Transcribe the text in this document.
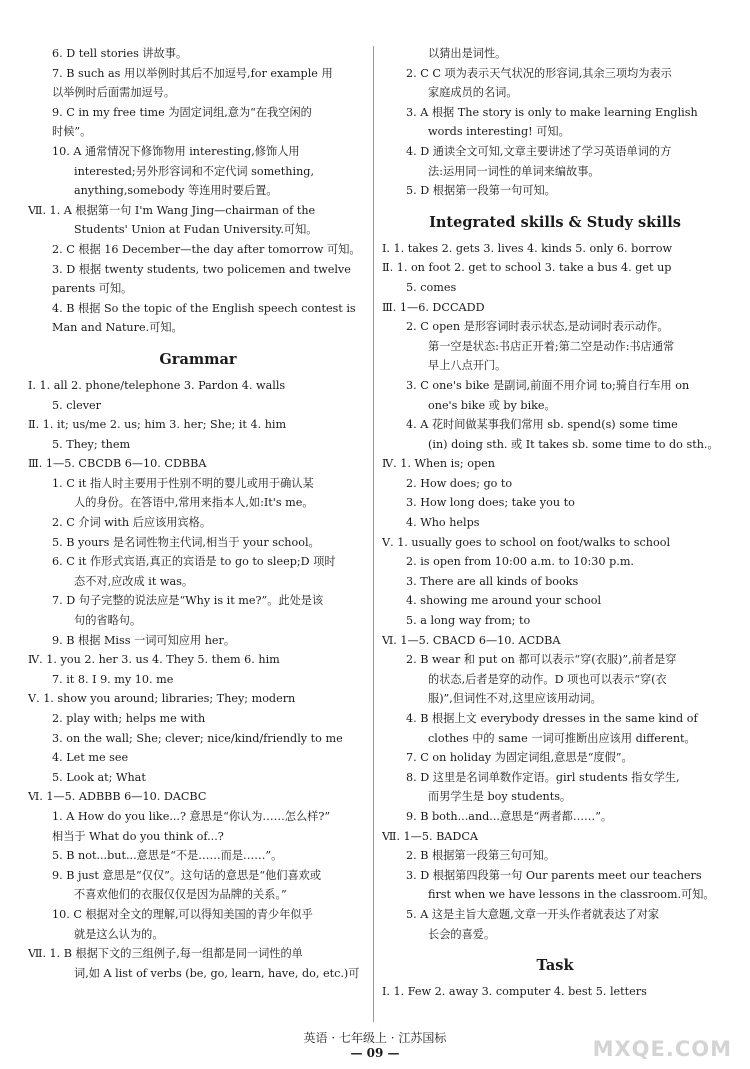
6. D tell stories 讲故事。
7. B such as 用以举例时其后不加逗号,for example 用
以举例时后面需加逗号。
9. C in my free time 为固定词组,意为“在我空闲的
时候”。
10. A 通常情况下修饰物用 interesting,修饰人用
interested;另外形容词和不定代词 something,
anything,somebody 等连用时要后置。
Ⅶ. 1. A 根据第一句 I'm Wang Jing—chairman of the
Students' Union at Fudan University.可知。
2. C 根据 16 December—the day after tomorrow 可知。
3. D 根据 twenty students, two policemen and twelve
parents 可知。
4. B 根据 So the topic of the English speech contest is
Man and Nature.可知。
Grammar
Ⅰ. 1. all 2. phone/telephone 3. Pardon 4. walls
5. clever
Ⅱ. 1. it; us/me 2. us; him 3. her; She; it 4. him
5. They; them
Ⅲ. 1—5. CBCDB 6—10. CDBBA
1. C it 指人时主要用于性别不明的婴儿或用于确认某
人的身份。在答语中,常用来指本人,如:It's me。
2. C 介词 with 后应该用宾格。
5. B yours 是名词性物主代词,相当于 your school。
6. C it 作形式宾语,真正的宾语是 to go to sleep;D 项时
态不对,应改成 it was。
7. D 句子完整的说法应是“Why is it me?”。此处是该
句的省略句。
9. B 根据 Miss 一词可知应用 her。
Ⅳ. 1. you 2. her 3. us 4. They 5. them 6. him
7. it 8. I 9. my 10. me
Ⅴ. 1. show you around; libraries; They; modern
2. play with; helps me with
3. on the wall; She; clever; nice/kind/friendly to me
4. Let me see
5. Look at; What
Ⅵ. 1—5. ADBBB 6—10. DACBC
1. A How do you like...? 意思是“你认为……怎么样?”
相当于 What do you think of...?
5. B not...but...意思是“不是……而是……”。
9. B just 意思是“仅仅”。这句话的意思是“他们喜欢或
不喜欢他们的衣服仅仅是因为品牌的关系。”
10. C 根据对全文的理解,可以得知美国的青少年似乎
就是这么认为的。
Ⅶ. 1. B 根据下文的三组例子,每一组都是同一词性的单
词,如 A list of verbs (be, go, learn, have, do, etc.)可
以猜出是词性。
2. C C 项为表示天气状况的形容词,其余三项均为表示
家庭成员的名词。
3. A 根据 The story is only to make learning English
words interesting! 可知。
4. D 通读全文可知,文章主要讲述了学习英语单词的方
法:运用同一词性的单词来编故事。
5. D 根据第一段第一句可知。
Integrated skills & Study skills
Ⅰ. 1. takes 2. gets 3. lives 4. kinds 5. only 6. borrow
Ⅱ. 1. on foot 2. get to school 3. take a bus 4. get up
5. comes
Ⅲ. 1—6. DCCADD
2. C open 是形容词时表示状态,是动词时表示动作。
第一空是状态:书店正开着;第二空是动作:书店通常
早上八点开门。
3. C one's bike 是副词,前面不用介词 to;骑自行车用 on
one's bike 或 by bike。
4. A 花时间做某事我们常用 sb. spend(s) some time
(in) doing sth. 或 It takes sb. some time to do sth.。
Ⅳ. 1. When is; open
2. How does; go to
3. How long does; take you to
4. Who helps
Ⅴ. 1. usually goes to school on foot/walks to school
2. is open from 10:00 a.m. to 10:30 p.m.
3. There are all kinds of books
4. showing me around your school
5. a long way from; to
Ⅵ. 1—5. CBACD 6—10. ACDBA
2. B wear 和 put on 都可以表示“穿(衣服)”,前者是穿
的状态,后者是穿的动作。D 项也可以表示“穿(衣
服)”,但词性不对,这里应该用动词。
4. B 根据上文 everybody dresses in the same kind of
clothes 中的 same 一词可推断出应该用 different。
7. C on holiday 为固定词组,意思是“度假”。
8. D 这里是名词单数作定语。girl students 指女学生,
而男学生是 boy students。
9. B both...and...意思是“两者都……”。
Ⅶ. 1—5. BADCA
2. B 根据第一段第三句可知。
3. D 根据第四段第一句 Our parents meet our teachers
first when we have lessons in the classroom.可知。
5. A 这是主旨大意题,文章一开头作者就表达了对家
长会的喜爱。
Task
Ⅰ. 1. Few 2. away 3. computer 4. best 5. letters
英语 · 七年级上 · 江苏国标
— 09 —	MXQE.COM
